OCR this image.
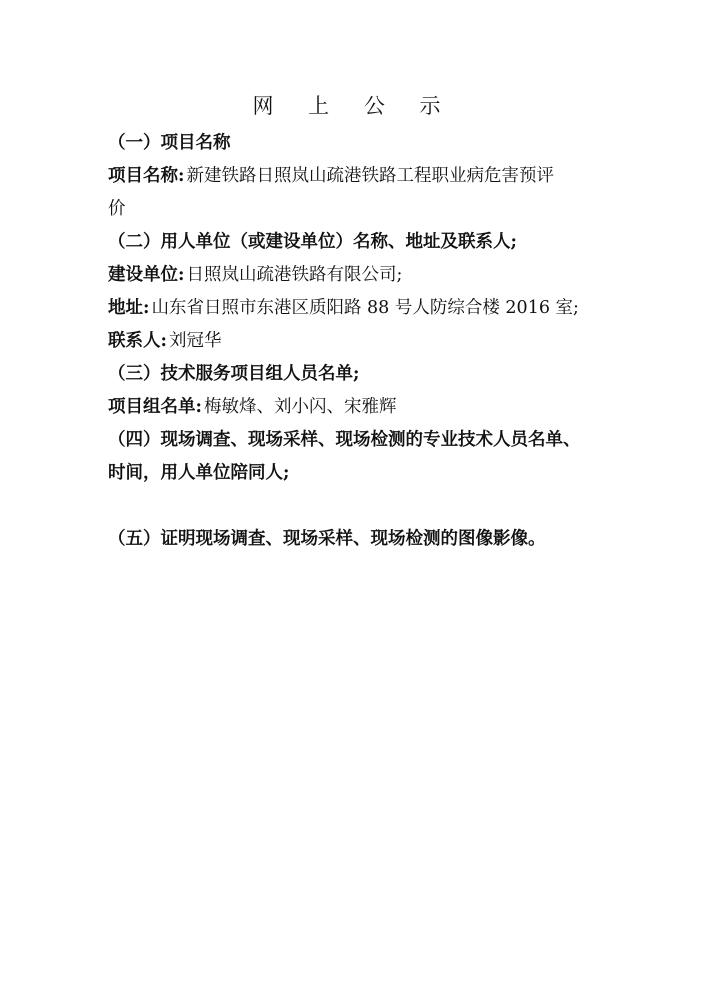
网 上 公 示

（一）项目名称

项目名称: 新建铁路日照岚山疏港铁路工程职业病危害预评

价

（二）用人单位（或建设单位）名称、地址及联系人;

建设单位: 日照岚山疏港铁路有限公司;

地址: 山东省日照市东港区质阳路 88 号人防综合楼 2016 室;

联系人: 刘冠华

（三）技术服务项目组人员名单;

项目组名单: 梅敏烽、刘小闪、宋雅辉

（四）现场调查、现场采样、现场检测的专业技术人员名单、

时间，用人单位陪同人;

（五）证明现场调查、现场采样、现场检测的图像影像。
